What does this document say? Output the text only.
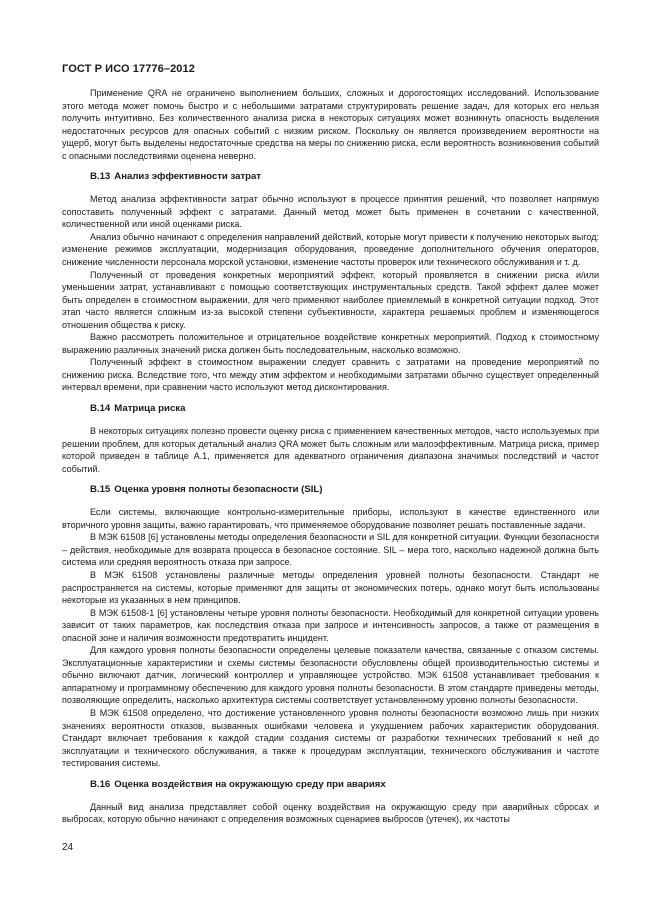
ГОСТ Р ИСО 17776–2012

Применение QRA не ограничено выполнением больших, сложных и дорогостоящих исследований. Использование этого метода может помочь быстро и с небольшими затратами структурировать решение задач, для которых его нельзя получить интуитивно. Без количественного анализа риска в некоторых ситуациях может возникнуть опасность выделения недостаточных ресурсов для опасных событий с низким риском. Поскольку он является произведением вероятности на ущерб, могут быть выделены недостаточные средства на меры по снижению риска, если вероятность возникновения событий с опасными последствиями оценена неверно.

B.13 Анализ эффективности затрат

Метод анализа эффективности затрат обычно используют в процессе принятия решений, что позволяет напрямую сопоставить полученный эффект с затратами. Данный метод может быть применен в сочетании с качественной, количественной или иной оценками риска.

Анализ обычно начинают с определения направлений действий, которые могут привести к получению некоторых выгод: изменение режимов эксплуатации, модернизация оборудования, проведение дополнительного обучения операторов, снижение численности персонала морской установки, изменение частоты проверок или технического обслуживания и т. д.

Полученный от проведения конкретных мероприятий эффект, который проявляется в снижении риска и/или уменьшении затрат, устанавливают с помощью соответствующих инструментальных средств. Такой эффект далее может быть определен в стоимостном выражении, для чего применяют наиболее приемлемый в конкретной ситуации подход. Этот этап часто является сложным из-за высокой степени субъективности, характера решаемых проблем и изменяющегося отношения общества к риску.

Важно рассмотреть положительное и отрицательное воздействие конкретных мероприятий. Подход к стоимостному выражению различных значений риска должен быть последовательным, насколько возможно.

Полученный эффект в стоимостном выражении следует сравнить с затратами на проведение мероприятий по снижению риска. Вследствие того, что между этим эффектом и необходимыми затратами обычно существует определенный интервал времени, при сравнении часто используют метод дисконтирования.

B.14 Матрица риска

В некоторых ситуациях полезно провести оценку риска с применением качественных методов, часто используемых при решении проблем, для которых детальный анализ QRA может быть сложным или малоэффективным. Матрица риска, пример которой приведен в таблице А.1, применяется для адекватного ограничения диапазона значимых последствий и частот событий.

B.15 Оценка уровня полноты безопасности (SIL)

Если системы, включающие контрольно-измерительные приборы, используют в качестве единственного или вторичного уровня защиты, важно гарантировать, что применяемое оборудование позволяет решать поставленные задачи.

В МЭК 61508 [6] установлены методы определения безопасности и SIL для конкретной ситуации. Функции безопасности – действия, необходимые для возврата процесса в безопасное состояние. SIL – мера того, насколько надежной должна быть система или средняя вероятность отказа при запросе.

В МЭК 61508 установлены различные методы определения уровней полноты безопасности. Стандарт не распространяется на системы, которые применяют для защиты от экономических потерь, однако могут быть использованы некоторые из указанных в нем принципов.

В МЭК 61508-1 [6] установлены четыре уровня полноты безопасности. Необходимый для конкретной ситуации уровень зависит от таких параметров, как последствия отказа при запросе и интенсивность запросов, а также от размещения в опасной зоне и наличия возможности предотвратить инцидент.

Для каждого уровня полноты безопасности определены целевые показатели качества, связанные с отказом системы. Эксплуатационные характеристики и схемы системы безопасности обусловлены общей производительностью системы и обычно включают датчик, логический контроллер и управляющее устройство. МЭК 61508 устанавливает требования к аппаратному и программному обеспечению для каждого уровня полноты безопасности. В этом стандарте приведены методы, позволяющие определить, насколько архитектура системы соответствует установленному уровню полноты безопасности.

В МЭК 61508 определено, что достижение установленного уровня полноты безопасности возможно лишь при низких значениях вероятности отказов, вызванных ошибками человека и ухудшением рабочих характеристик оборудования. Стандарт включает требования к каждой стадии создания системы от разработки технических требований к ней до эксплуатации и технического обслуживания, а также к процедурам эксплуатации, технического обслуживания и частоте тестирования системы.

B.16 Оценка воздействия на окружающую среду при авариях

Данный вид анализа представляет собой оценку воздействия на окружающую среду при аварийных сбросах и выбросах, которую обычно начинают с определения возможных сценариев выбросов (утечек), их частоты

24
